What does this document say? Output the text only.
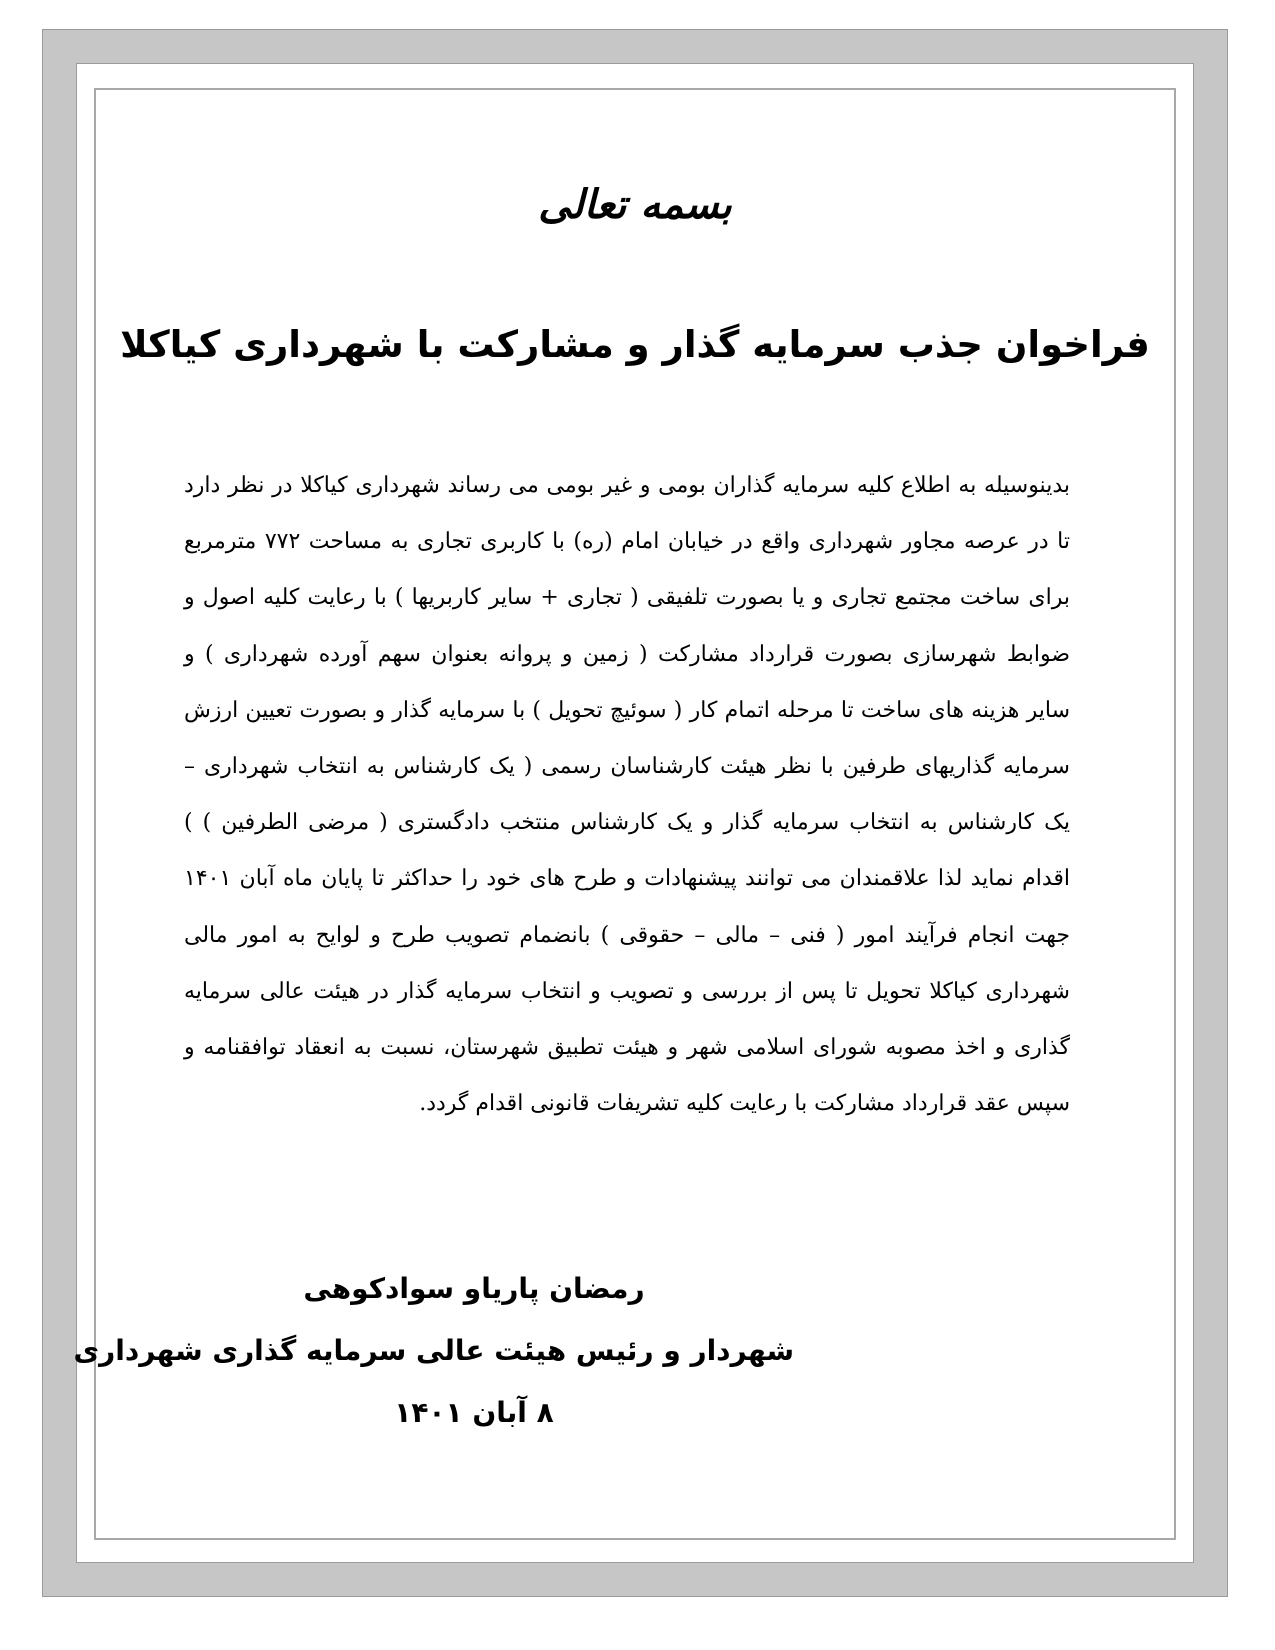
بسمه تعالی
فراخوان جذب سرمایه گذار و مشارکت با شهرداری کیاکلا

بدینوسیله به اطلاع کلیه سرمایه گذاران بومی و غیر بومی می رساند شهرداری کیاکلا در نظر دارد تا در عرصه مجاور شهرداری واقع در خیابان امام (ره) با کاربری تجاری به مساحت ۷۷۲ مترمربع برای ساخت مجتمع تجاری و یا بصورت تلفیقی ( تجاری + سایر کاربریها ) با رعایت کلیه اصول و ضوابط شهرسازی بصورت قرارداد مشارکت ( زمین و پروانه بعنوان سهم آورده شهرداری ) و سایر هزینه های ساخت تا مرحله اتمام کار ( سوئیچ تحویل ) با سرمایه گذار و بصورت تعیین ارزش سرمایه گذاریهای طرفین با نظر هیئت کارشناسان رسمی ( یک کارشناس به انتخاب شهرداری – یک کارشناس به انتخاب سرمایه گذار و یک کارشناس منتخب دادگستری ( مرضی الطرفین ) ) اقدام نماید لذا علاقمندان می توانند پیشنهادات و طرح های خود را حداکثر تا پایان ماه آبان ۱۴۰۱ جهت انجام فرآیند امور ( فنی – مالی – حقوقی ) بانضمام تصویب طرح و لوایح به امور مالی شهرداری کیاکلا تحویل تا پس از بررسی و تصویب و انتخاب سرمایه گذار در هیئت عالی سرمایه گذاری و اخذ مصوبه شورای اسلامی شهر و هیئت تطبیق شهرستان، نسبت به انعقاد توافقنامه و سپس عقد قرارداد مشارکت با رعایت کلیه تشریفات قانونی اقدام گردد.

رمضان پاریاو سوادکوهی
شهردار و رئیس هیئت عالی سرمایه گذاری شهرداری
۸ آبان ۱۴۰۱
